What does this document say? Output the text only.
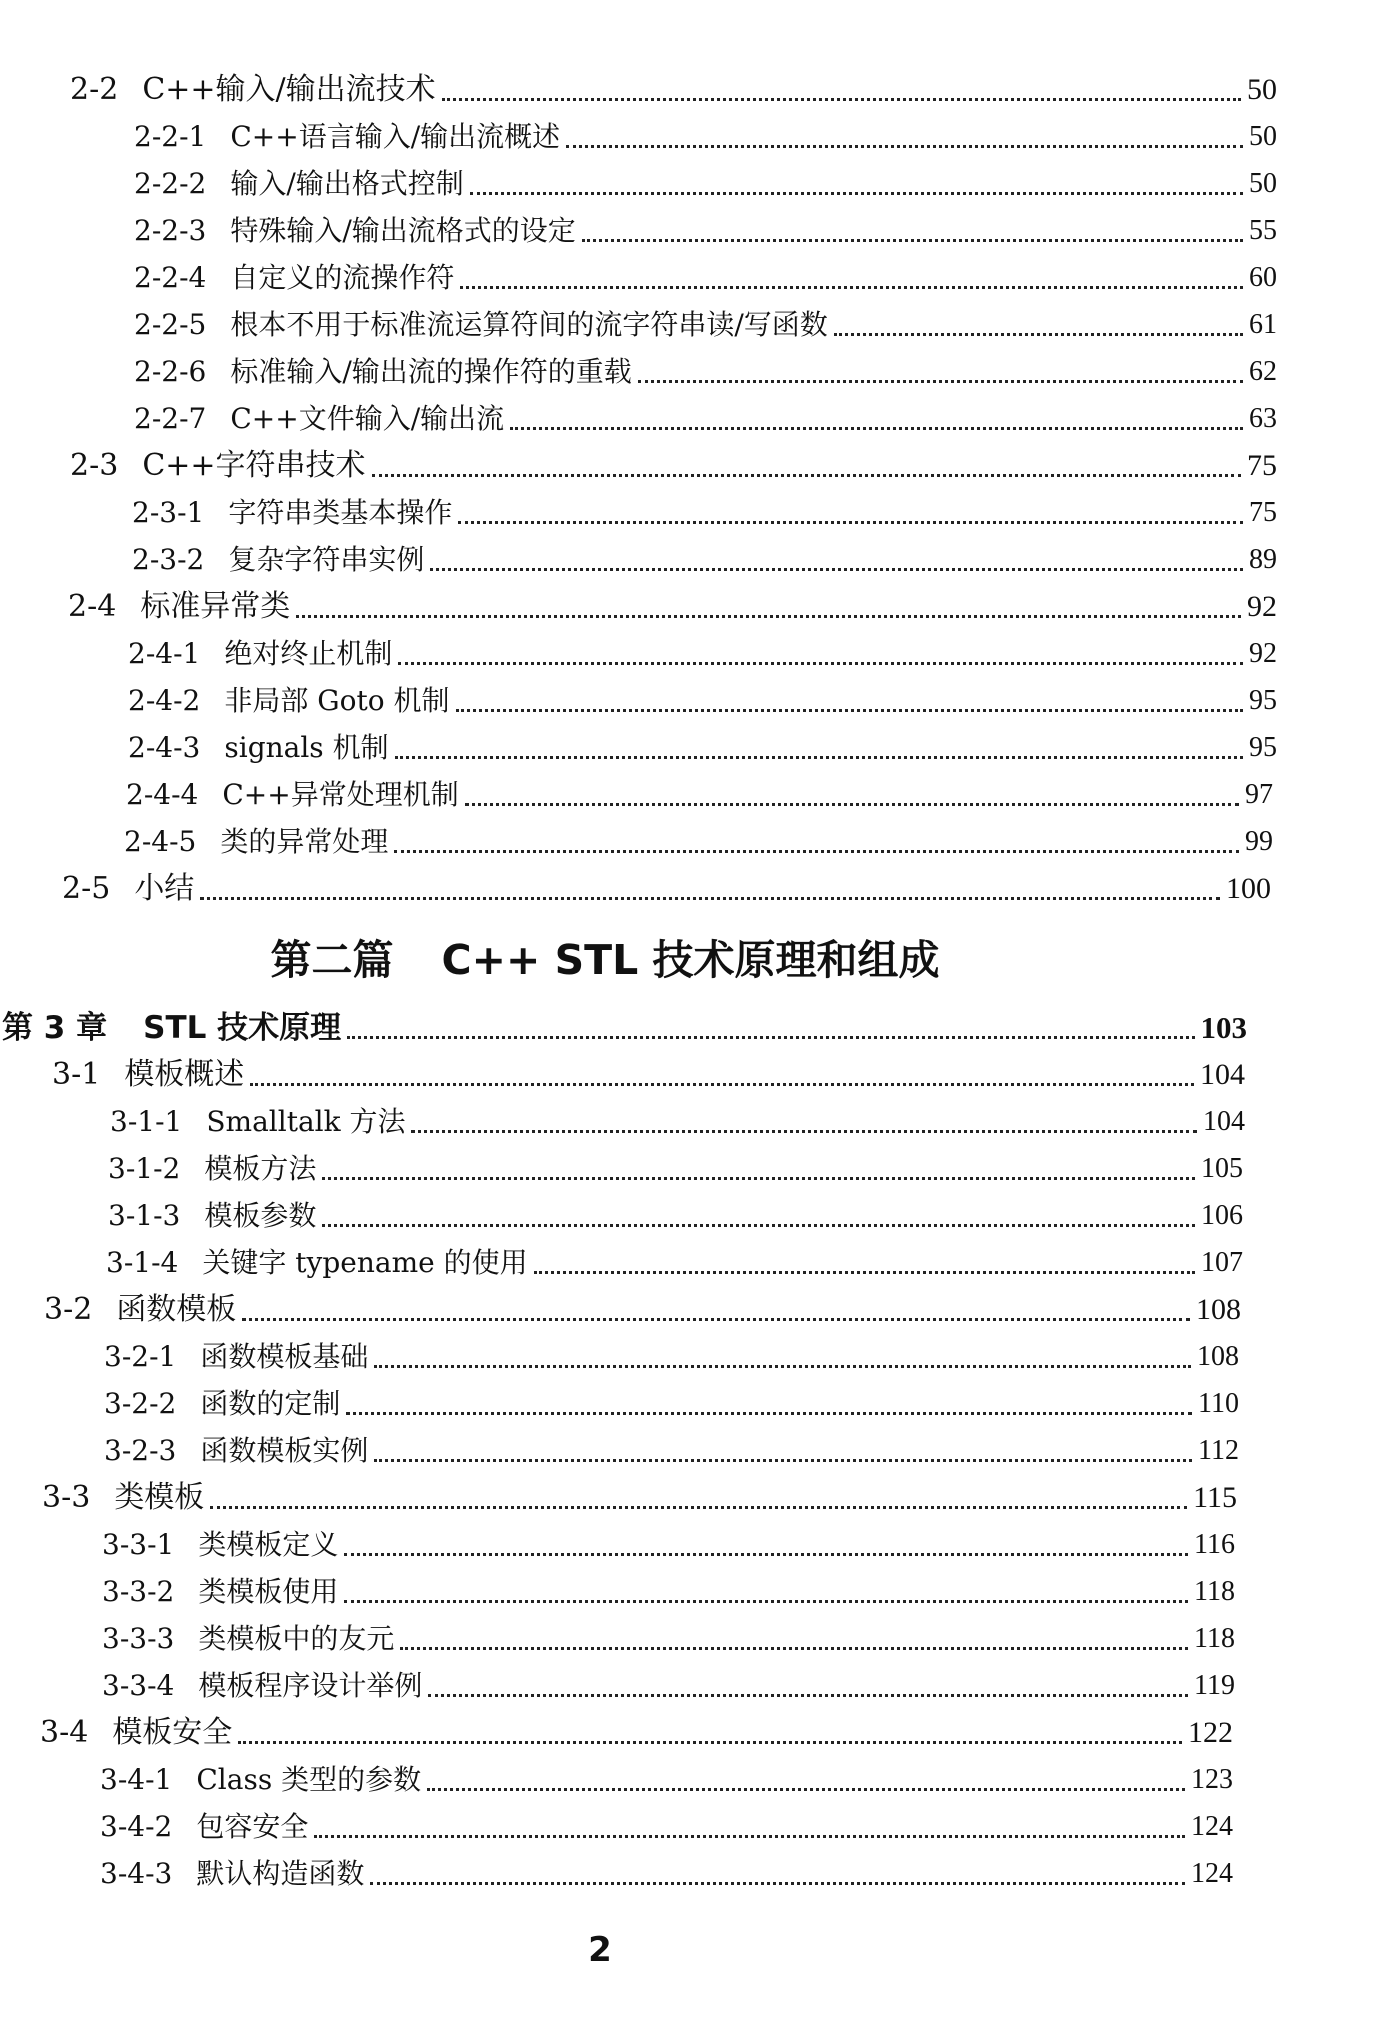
2-2 C++输入/输出流技术	50
2-2-1 C++语言输入/输出流概述	50
2-2-2 输入/输出格式控制	50
2-2-3 特殊输入/输出流格式的设定	55
2-2-4 自定义的流操作符	60
2-2-5 根本不用于标准流运算符间的流字符串读/写函数	61
2-2-6 标准输入/输出流的操作符的重载	62
2-2-7 C++文件输入/输出流	63
2-3 C++字符串技术	75
2-3-1 字符串类基本操作	75
2-3-2 复杂字符串实例	89
2-4 标准异常类	92
2-4-1 绝对终止机制	92
2-4-2 非局部 Goto 机制	95
2-4-3 signals 机制	95
2-4-4 C++异常处理机制	97
2-4-5 类的异常处理	99
2-5 小结	100
第二篇 C++ STL 技术原理和组成
第 3 章 STL 技术原理	103
3-1 模板概述	104
3-1-1 Smalltalk 方法	104
3-1-2 模板方法	105
3-1-3 模板参数	106
3-1-4 关键字 typename 的使用	107
3-2 函数模板	108
3-2-1 函数模板基础	108
3-2-2 函数的定制	110
3-2-3 函数模板实例	112
3-3 类模板	115
3-3-1 类模板定义	116
3-3-2 类模板使用	118
3-3-3 类模板中的友元	118
3-3-4 模板程序设计举例	119
3-4 模板安全	122
3-4-1 Class 类型的参数	123
3-4-2 包容安全	124
3-4-3 默认构造函数	124
2
